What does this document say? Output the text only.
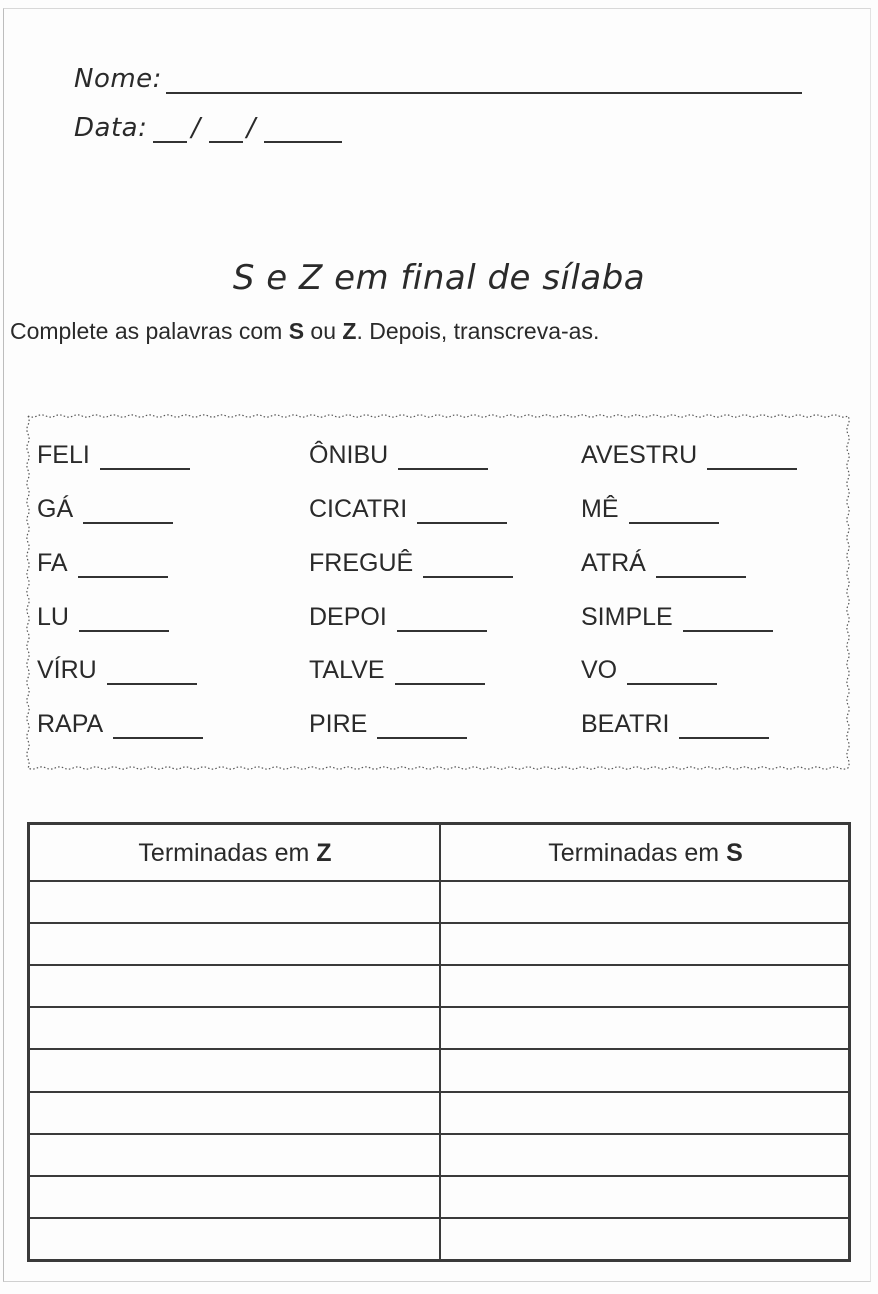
Nome:
Data: / /
S e Z em final de sílaba
Complete as palavras com S ou Z. Depois, transcreva-as.
FELI
GÁ
FA
LU
VÍRU
RAPA
ÔNIBU
CICATRI
FREGUÊ
DEPOI
TALVE
PIRE
AVESTRU
MÊ
ATRÁ
SIMPLE
VO
BEATRI
Terminadas em
Z	Terminadas em
S
